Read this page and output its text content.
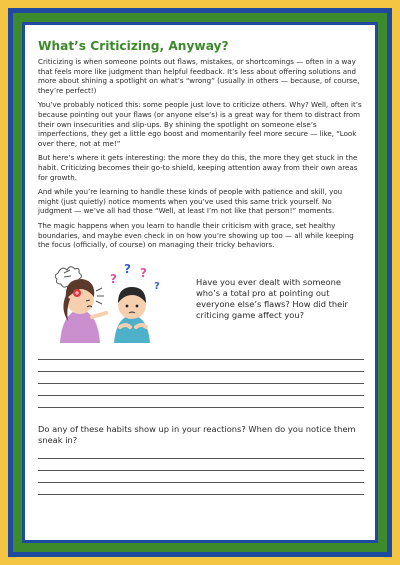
What’s Criticizing, Anyway?

Criticizing is when someone points out flaws, mistakes, or shortcomings — often in a way that feels more like judgment than helpful feedback. It’s less about offering solutions and more about shining a spotlight on what’s “wrong” (usually in others — because, of course, they’re perfect!)

You’ve probably noticed this: some people just love to criticize others. Why? Well, often it’s because pointing out your flaws (or anyone else’s) is a great way for them to distract from their own insecurities and slip-ups. By shining the spotlight on someone else’s imperfections, they get a little ego boost and momentarily feel more secure — like, “Look over there, not at me!”

But here’s where it gets interesting: the more they do this, the more they get stuck in the habit. Criticizing becomes their go-to shield, keeping attention away from their own areas for growth.

And while you’re learning to handle these kinds of people with patience and skill, you might (just quietly) notice moments when you’ve used this same trick yourself. No judgment — we’ve all had those “Well, at least I’m not like that person!” moments.

The magic happens when you learn to handle their criticism with grace, set healthy boundaries, and maybe even check in on how you’re showing up too — all while keeping the focus (officially, of course) on managing their tricky behaviors.

?
? ?
?	Have you ever dealt with someone who’s a total pro at pointing out everyone else’s flaws? How did their criticing game affect you?
Do any of these habits show up in your reactions? When do you notice them sneak in?
